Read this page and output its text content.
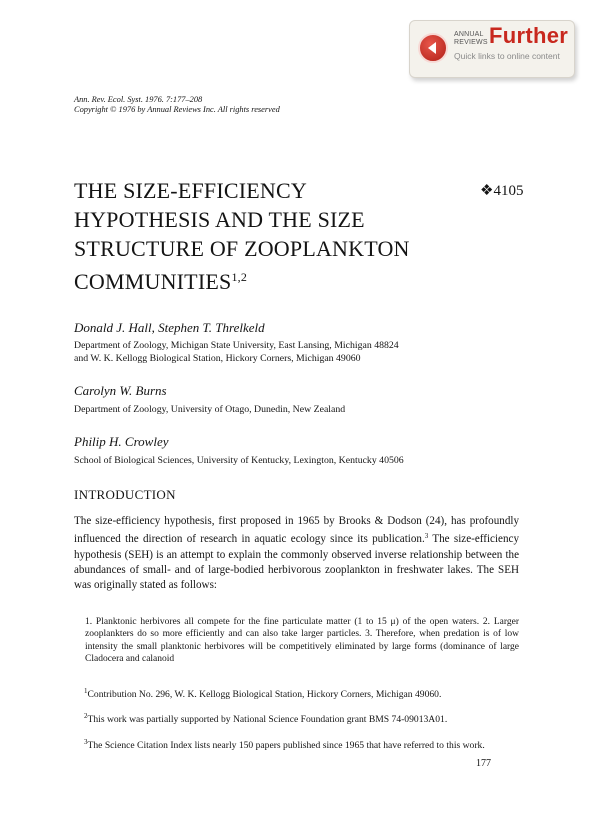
ANNUAL
REVIEWS Further
Quick links to online content
Ann. Rev. Ecol. Syst. 1976. 7:177–208
Copyright © 1976 by Annual Reviews Inc. All rights reserved
THE SIZE-EFFICIENCY
HYPOTHESIS AND THE SIZE
STRUCTURE OF ZOOPLANKTON
COMMUNITIES$^{1,2}$
❖4105
Donald J. Hall, Stephen T. Threlkeld
Department of Zoology, Michigan State University, East Lansing, Michigan 48824
and W. K. Kellogg Biological Station, Hickory Corners, Michigan 49060
Carolyn W. Burns
Department of Zoology, University of Otago, Dunedin, New Zealand
Philip H. Crowley
School of Biological Sciences, University of Kentucky, Lexington, Kentucky 40506
INTRODUCTION
The size-efficiency hypothesis, first proposed in 1965 by Brooks & Dodson (24), has profoundly influenced the direction of research in aquatic ecology since its publication.$^3$ The size-efficiency hypothesis (SEH) is an attempt to explain the commonly observed inverse relationship between the abundances of small- and of large-bodied herbivorous zooplankton in freshwater lakes. The SEH was originally stated as follows:
1. Planktonic herbivores all compete for the fine particulate matter (1 to 15 μ) of the open waters. 2. Larger zooplankters do so more efficiently and can also take larger particles. 3. Therefore, when predation is of low intensity the small planktonic herbivores will be competitively eliminated by large forms (dominance of large Cladocera and calanoid
$^1$Contribution No. 296, W. K. Kellogg Biological Station, Hickory Corners, Michigan 49060.
$^2$This work was partially supported by National Science Foundation grant BMS 74-09013A01.
$^3$The Science Citation Index lists nearly 150 papers published since 1965 that have referred to this work.
177
